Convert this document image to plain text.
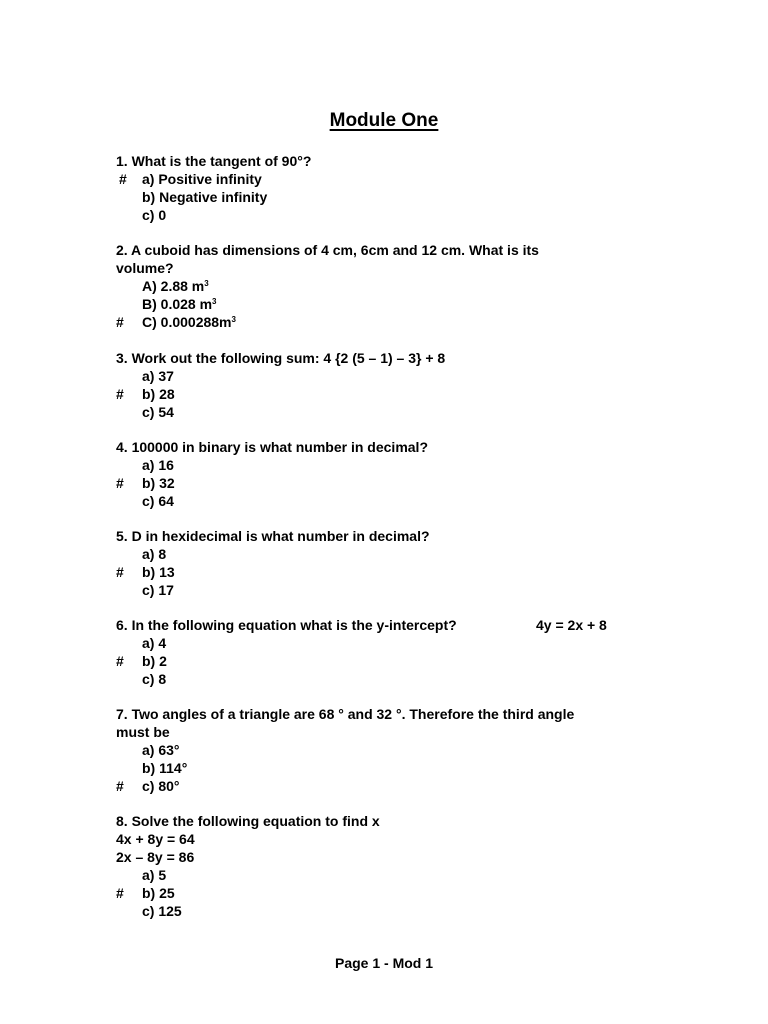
Module One
1. What is the tangent of 90°?
# a) Positive infinity
b) Negative infinity
c) 0
2. A cuboid has dimensions of 4 cm, 6cm and 12 cm. What is its
volume?
A) 2.88 $m^3$
B) 0.028 $m^3$
# C) $0.000288m^3$
3. Work out the following sum: 4 {2 (5 – 1) – 3} + 8
a) 37
# b) 28
c) 54
4. 100000 in binary is what number in decimal?
a) 16
# b) 32
c) 64
5. D in hexidecimal is what number in decimal?
a) 8
# b) 13
c) 17
6. In the following equation what is the y-intercept?	4y = 2x + 8
a) 4
# b) 2
c) 8
7. Two angles of a triangle are 68 ° and 32 °. Therefore the third angle
must be
a) 63°
b) 114°
# c) 80°
8. Solve the following equation to find x
4x + 8y = 64
2x – 8y = 86
a) 5
# b) 25
c) 125
Page 1 - Mod 1
